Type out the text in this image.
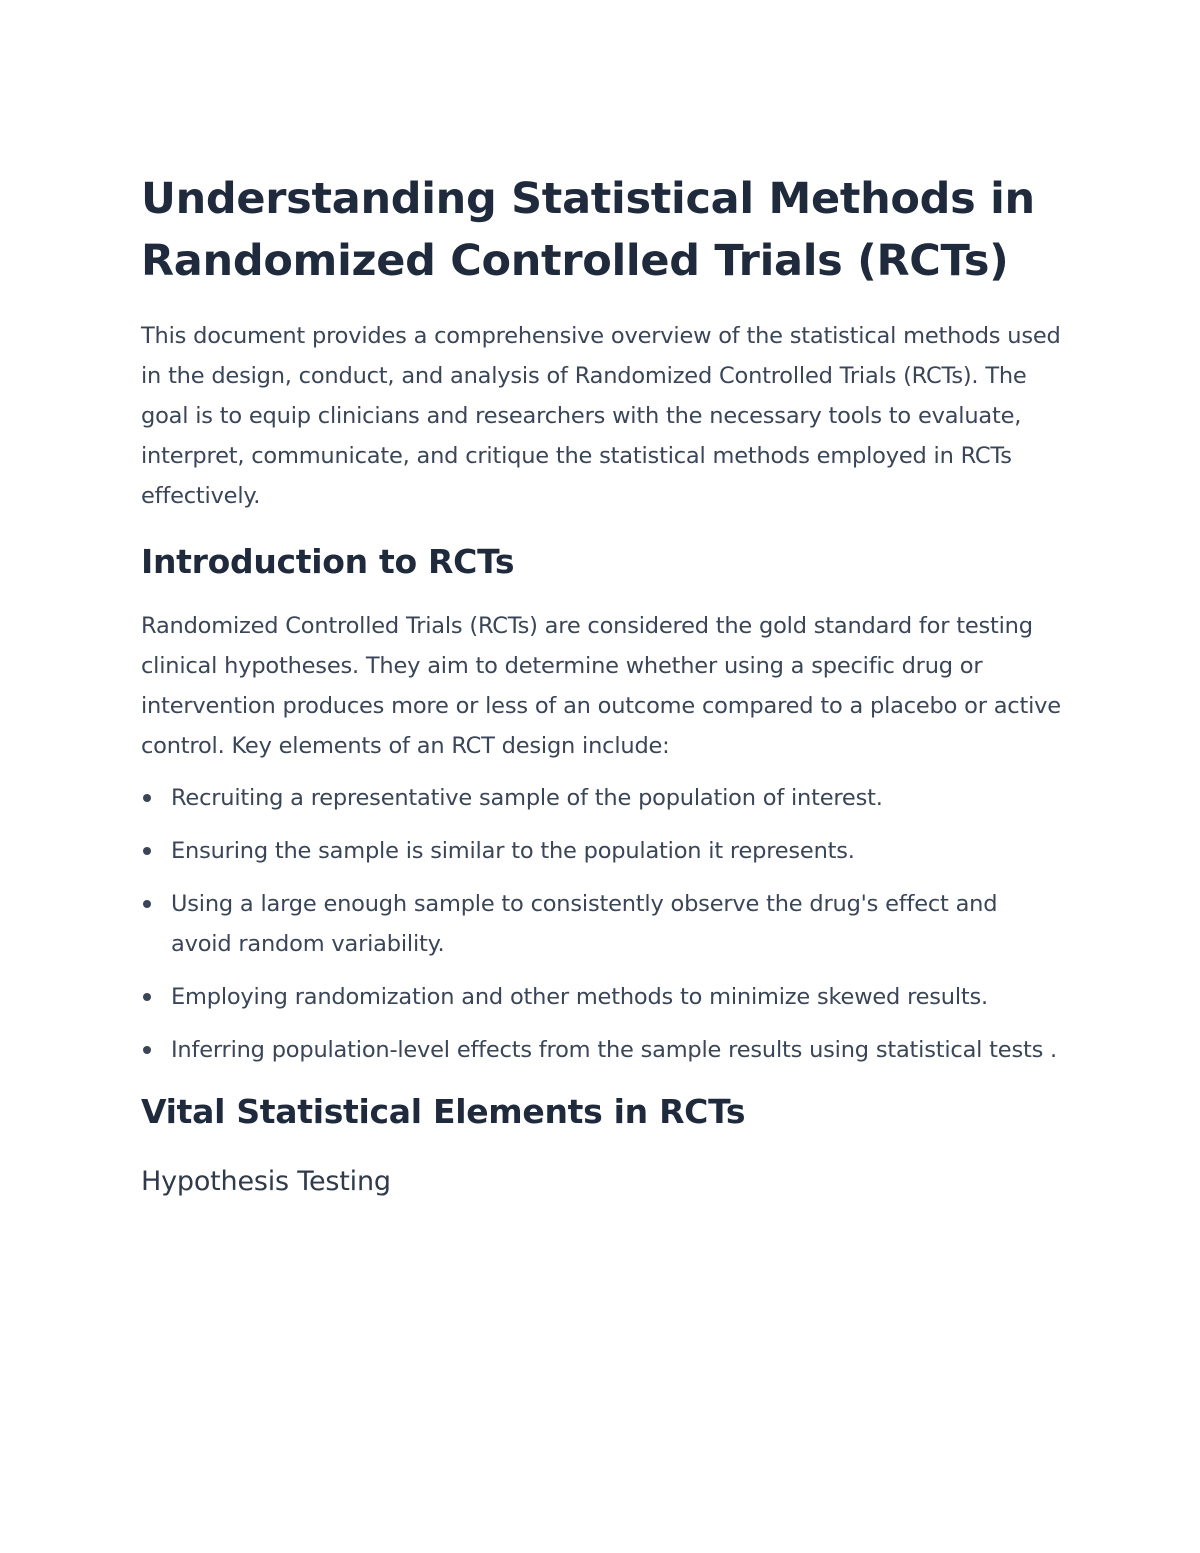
Understanding Statistical Methods in Randomized Controlled Trials (RCTs)

This document provides a comprehensive overview of the statistical methods used in the design, conduct, and analysis of Randomized Controlled Trials (RCTs). The goal is to equip clinicians and researchers with the necessary tools to evaluate, interpret, communicate, and critique the statistical methods employed in RCTs effectively.

Introduction to RCTs

Randomized Controlled Trials (RCTs) are considered the gold standard for testing clinical hypotheses. They aim to determine whether using a specific drug or intervention produces more or less of an outcome compared to a placebo or active control. Key elements of an RCT design include:

Recruiting a representative sample of the population of interest.
Ensuring the sample is similar to the population it represents.
Using a large enough sample to consistently observe the drug's effect and avoid random variability.
Employing randomization and other methods to minimize skewed results.
Inferring population-level effects from the sample results using statistical tests .
Vital Statistical Elements in RCTs
Hypothesis Testing
